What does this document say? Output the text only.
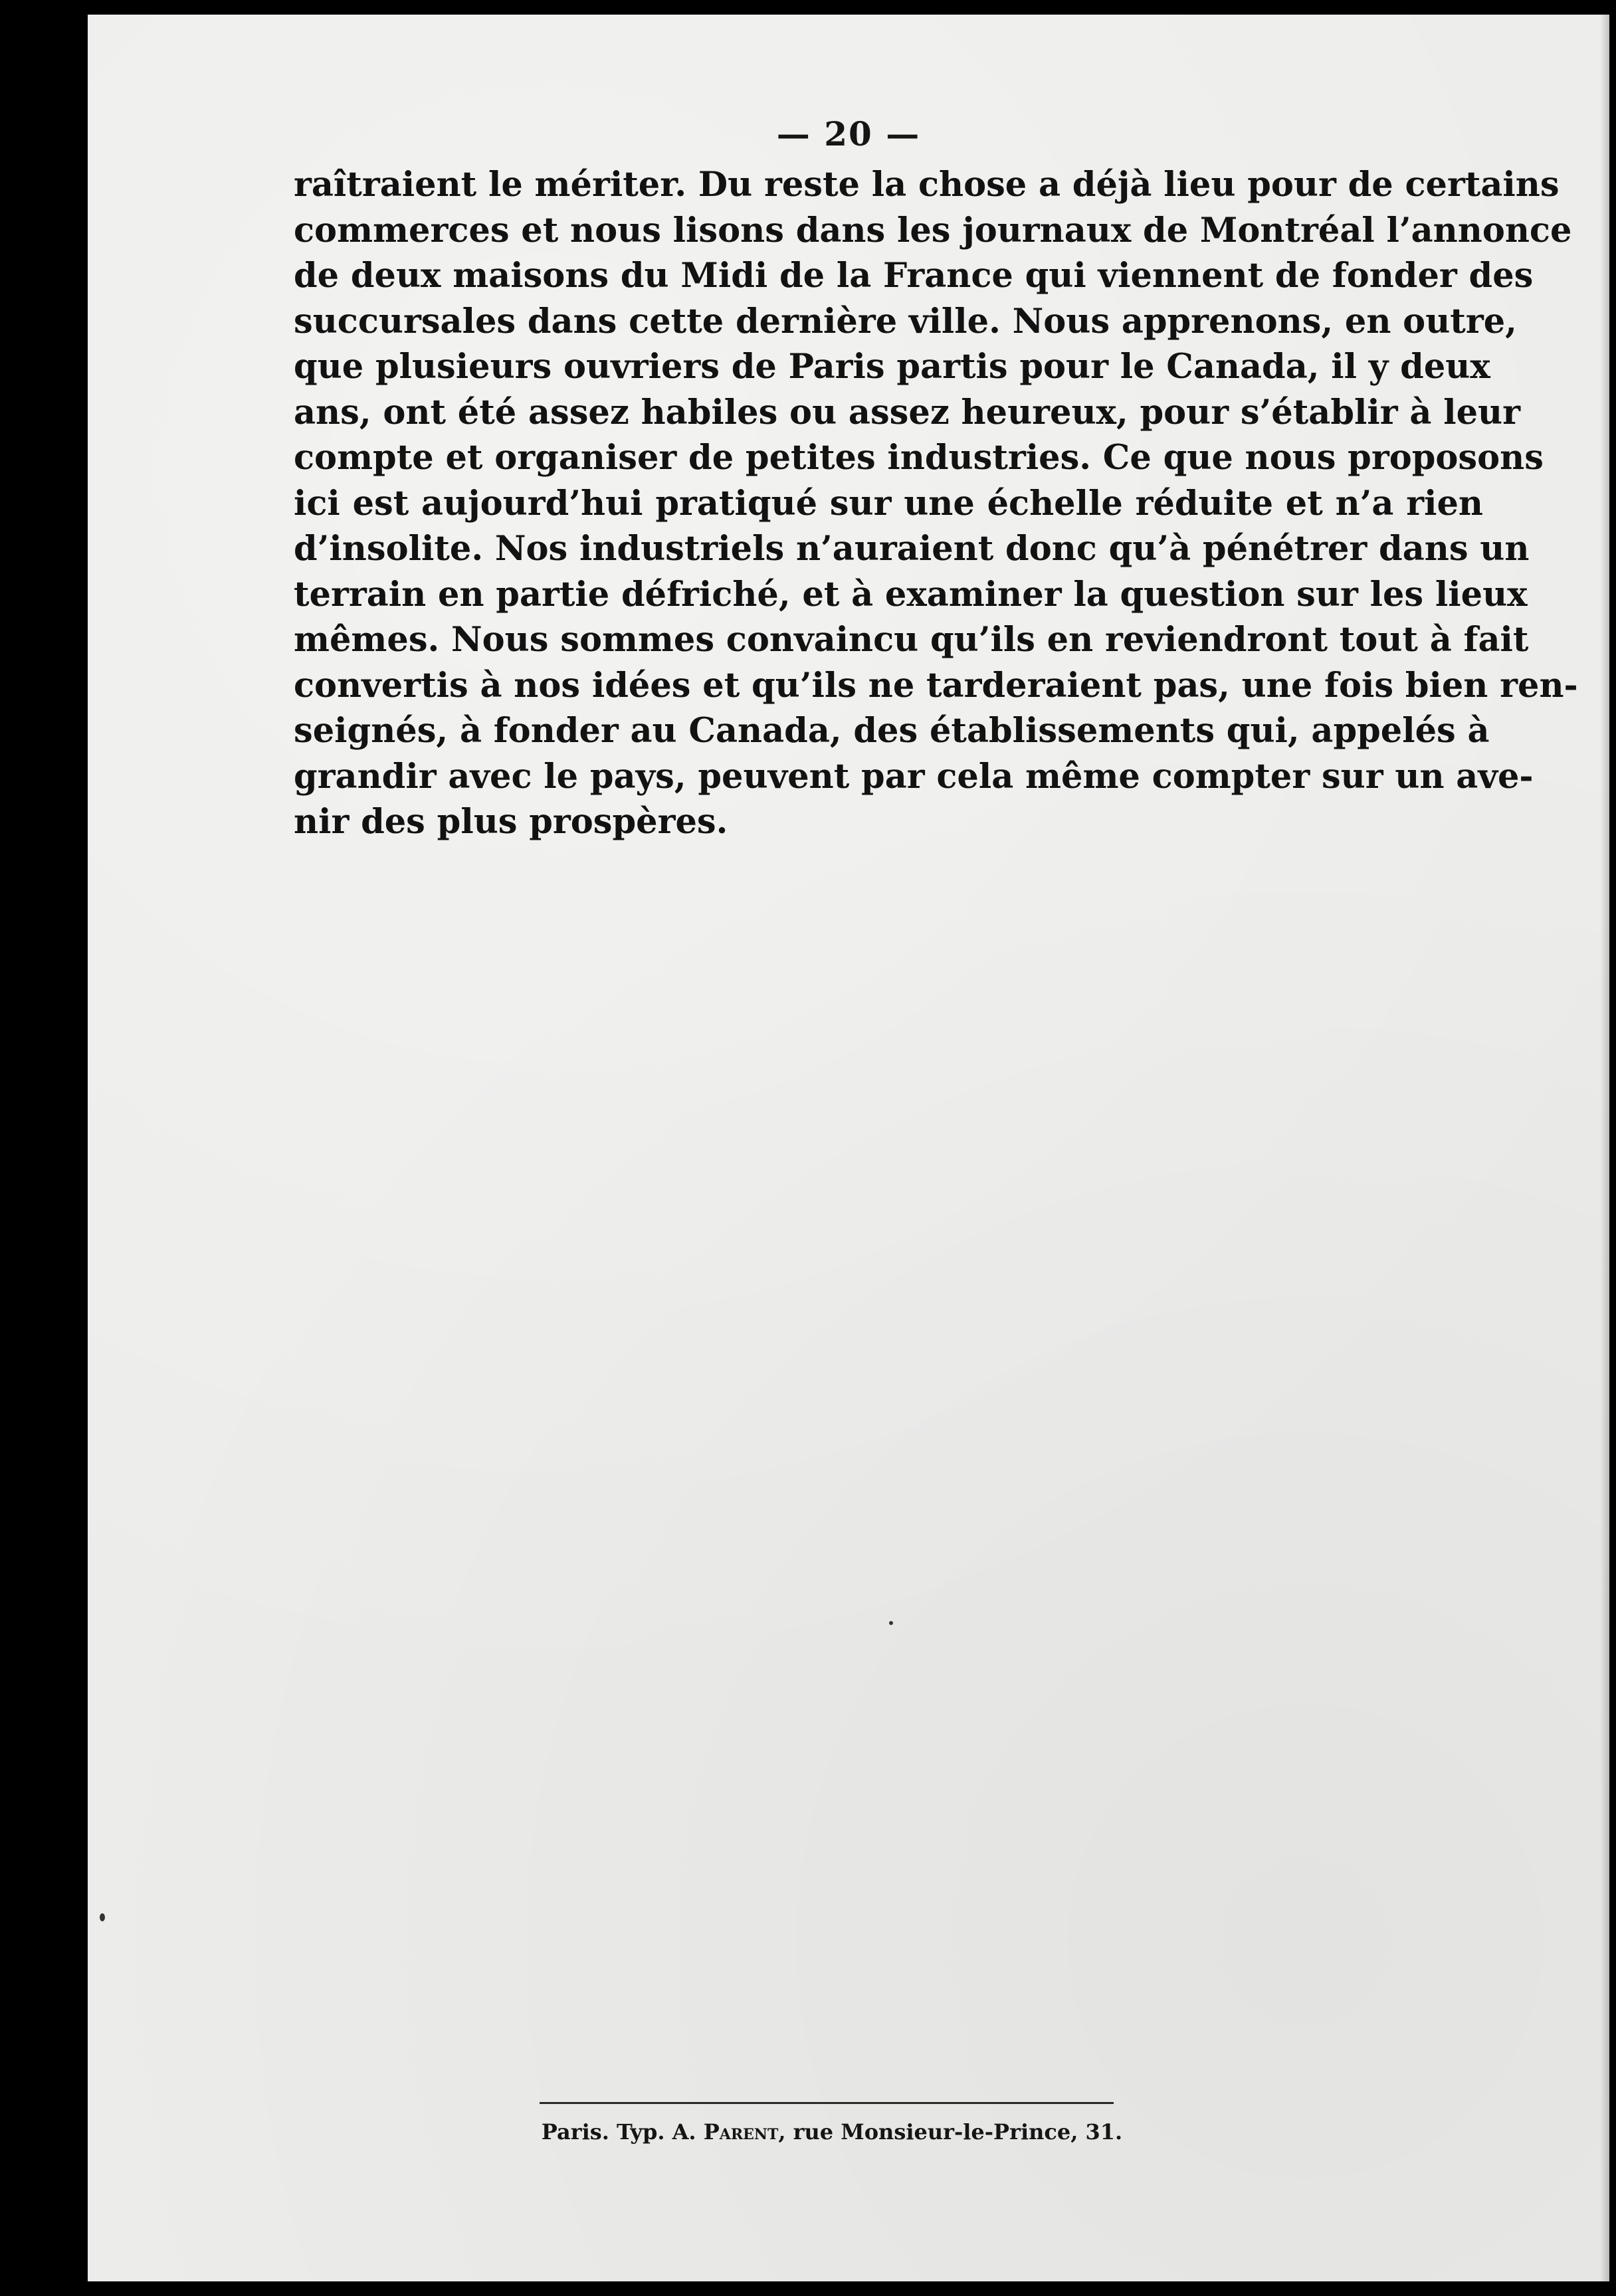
— 20 —
raîtraient le mériter. Du reste la chose a déjà lieu pour de certains
commerces et nous lisons dans les journaux de Montréal l’annonce
de deux maisons du Midi de la France qui viennent de fonder des
succursales dans cette dernière ville. Nous apprenons, en outre,
que plusieurs ouvriers de Paris partis pour le Canada, il y deux
ans, ont été assez habiles ou assez heureux, pour s’établir à leur
compte et organiser de petites industries. Ce que nous proposons
ici est aujourd’hui pratiqué sur une échelle réduite et n’a rien
d’insolite. Nos industriels n’auraient donc qu’à pénétrer dans un
terrain en partie défriché, et à examiner la question sur les lieux
mêmes. Nous sommes convaincu qu’ils en reviendront tout à fait
convertis à nos idées et qu’ils ne tarderaient pas, une fois bien ren-
seignés, à fonder au Canada, des établissements qui, appelés à
grandir avec le pays, peuvent par cela même compter sur un ave-
nir des plus prospères.
Paris. Typ. A. Parent, rue Monsieur-le-Prince, 31.
